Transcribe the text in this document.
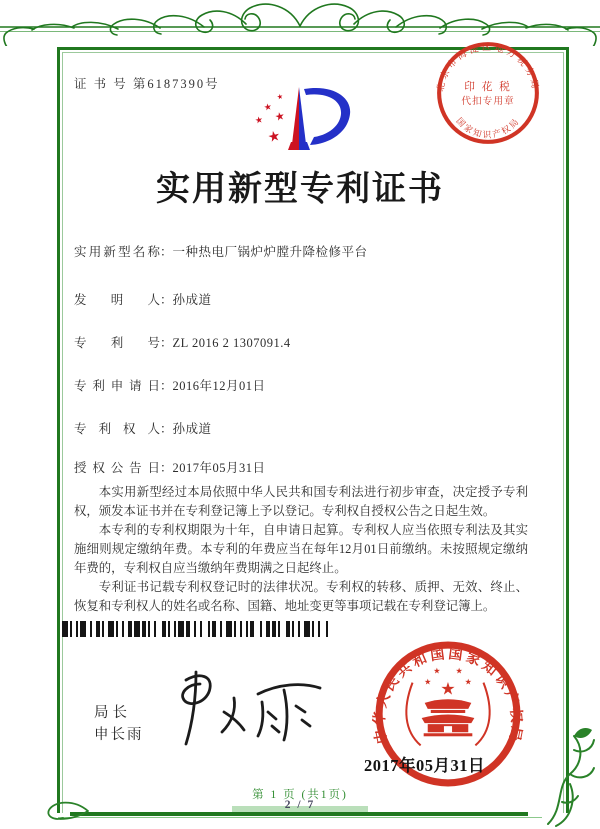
证 书 号 第6187390号
★
★
★
★
★
北京市海淀区地方税务局
国家知识产权局
印 花 税
代扣专用章
实用新型专利证书
实用新型名称：一种热电厂锅炉炉膛升降检修平台
发明人：孙成道
专利号：ZL 2016 2 1307091.4
专利申请日：2016年12月01日
专利权人：孙成道
授权公告日：2017年05月31日

本实用新型经过本局依照中华人民共和国专利法进行初步审查，决定授予专利权，颁发本证书并在专利登记簿上予以登记。专利权自授权公告之日起生效。

本专利的专利权期限为十年，自申请日起算。专利权人应当依照专利法及其实施细则规定缴纳年费。本专利的年费应当在每年12月01日前缴纳。未按照规定缴纳年费的，专利权自应当缴纳年费期满之日起终止。

专利证书记载专利权登记时的法律状况。专利权的转移、质押、无效、终止、恢复和专利权人的姓名或名称、国籍、地址变更等事项记载在专利登记簿上。

局长
申长雨	中华人民共和国国家知识产权局
★
★
★ ★
★
2017年05月31日
第 1 页 (共1页)
2 / 7
